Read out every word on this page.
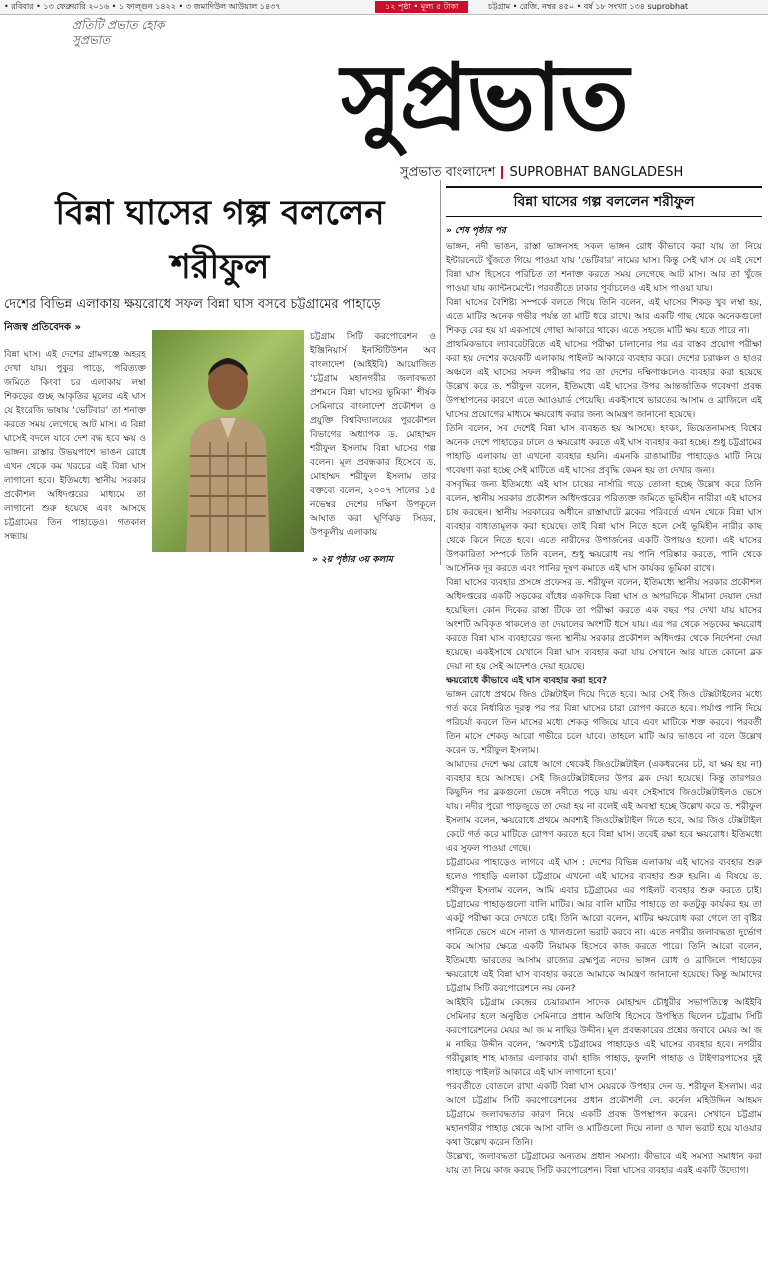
• রবিবার • ১৩ ফেব্রুয়ারি ২০১৬ • ১ ফাল্গুন ১৪২২ • ৩ জমাদিউল আউয়াল ১৪৩৭	১২ পৃষ্ঠা • মূল্য ৫ টাকা	চট্টগ্রাম • রেজি. নম্বর ৪৫০ • বর্ষ ১৮ সংখ্যা ১৩৪ suprobhat
প্রতিটি প্রভাত হোক সুপ্রভাত
সুপ্রভাত
সুপ্রভাত বাংলাদেশ SUPROBHAT BANGLADESH
বিন্না ঘাসের গল্প বললেন শরীফুল
দেশের বিভিন্ন এলাকায় ক্ষয়রোধে সফল বিন্না ঘাস বসবে চট্টগ্রামের পাহাড়ে
নিজস্ব প্রতিবেদক »
বিন্না ঘাস। এই দেশের গ্রামগঞ্জে অহরহ দেখা যায়। পুকুর পাড়ে, পরিত্যক্ত জমিতে কিংবা চর এলাকায় লম্বা শিকড়ের গুচ্ছ আকৃতির মূলের এই ঘাস যে ইংরেজি ভাষায় ‘ভেটিবার’ তা শনাক্ত করতে সময় লেগেছে আট মাস। এ বিন্না ঘাসেই বদলে যাবে দেশ বদ্ধ হবে ক্ষয় ও ভাঙ্গন। রাস্তার উভয়পাশে ভাঙন রোধে এখন থেকে কম খরচের এই বিন্না ঘাস লাগানো হবে। ইতিমধ্যে স্থানীয় সরকার প্রকৌশল অধিদপ্তরের মাধ্যমে তা লাগানো শুরু হয়েছে এবং আসছে চট্টগ্রামের তিন পাহাড়েও। গতকাল সন্ধ্যায়
চট্টগ্রাম সিটি করপোরেশন ও ইঞ্জিনিয়ার্স ইনস্টিটিউশন অব বাংলাদেশ (আইইবি) আয়োজিত ‘চট্টগ্রাম মহানগরীর জলাবদ্ধতা প্রশমনে বিন্না ঘাসের ভূমিকা’ শীর্ষক সেমিনারে বাংলাদেশ প্রকৌশল ও প্রযুক্তি বিশ্ববিদ্যালয়ের পুরকৌশল বিভাগের অধ্যাপক ড. মোহাম্মদ শরীফুল ইসলাম বিন্না ঘাসের গল্প বলেন। মূল প্রবন্ধকার হিসেবে ড. মোহাম্মদ শরীফুল ইসলাম তার বক্তব্যে বলেন, ২০০৭ সালের ১৫ নভেম্বর দেশের দক্ষিণ উপকূলে আঘাত করা ঘূর্ণিঝড় সিডর, উপকূলীয় এলাকায়
» ২য় পৃষ্ঠার ৩য় কলাম
বিন্না ঘাসের গল্প বললেন শরীফুল
» শেষ পৃষ্ঠার পর

ভাঙ্গন, নদী ভাঙন, রাস্তা ভাঙ্গনসহ সকল ভাঙ্গন রোধ কীভাবে করা যায় তা নিয়ে ইন্টারনেটে খুঁজতে গিয়ে পাওয়া যায় ‘ভেটিবার’ নামের ঘাস। কিন্তু সেই ঘাস যে এই দেশে বিন্না ঘাস হিসেবে পরিচিত তা শনাক্ত করতে সময় লেগেছে আট মাস। আর তা খুঁজে পাওয়া যায় ক্যান্টনমেন্টে। পরবর্তীতে ঢাকার পূর্বাচলেও এই ঘাস পাওয়া যায়।

বিন্না ঘাসের বৈশিষ্ট্য সম্পর্কে বলতে গিয়ে তিনি বলেন, এই ঘাসের শিকড় খুব লম্বা হয়, এতে মাটির অনেক গভীর পর্যন্ত তা মাটি ধরে রাখে। আর একটি গাছ থেকে অনেকগুলো শিকড় বের হয় যা একসাথে গোছা আকারে থাকে। এতে সহজে মাটি ক্ষয় হতে পারে না।

প্রাথমিকভাবে ল্যাবরেটরিতে এই ঘাসের পরীক্ষা চালানোর পর এর বাস্তব প্রয়োগ পরীক্ষা করা হয় দেশের কয়েকটি এলাকায় পাইলট আকারে ব্যবহার করে। দেশের চরাঞ্চল ও হাওর অঞ্চলে এই ঘাসের সফল পরীক্ষার পর তা দেশের দক্ষিণাঞ্চলেও ব্যবহার করা হয়েছে উল্লেখ করে ড. শরীফুল বলেন, ইতিমধ্যে এই ঘাসের উপর আন্তর্জাতিক গবেষণা প্রবন্ধ উপস্থাপনের কারণে এতে অ্যাওয়ার্ড পেয়েছি। একইসাথে ভারতের আসাম ও ব্রাজিলে এই ঘাসের প্রয়োগের মাধ্যমে ক্ষয়রোধ করার জন্য আমন্ত্রণ জানানো হয়েছে।

তিনি বলেন, সব দেশেই বিন্না ঘাস ব্যবহৃত হয় আসছে। হংকং, ভিয়েতনামসহ বিশ্বের অনেক দেশে পাহাড়ের ঢালে ও ক্ষয়রোধ করতে এই ঘাস ব্যবহার করা হচ্ছে। শুধু চট্টগ্রামের পাহাড়ি এলাকায় তা এখনো ব্যবহার হয়নি। এমনকি রাঙামাটির পাহাড়েও মাটি নিয়ে গবেষণা করা হচ্ছে সেই মাটিতে এই ঘাসের প্রবৃদ্ধি কেমন হয় তা দেখার জন্য।

বসবৃদ্ধির জন্য ইতিমধ্যে এই ঘাস চাষের নার্সারি গড়ে তোলা হচ্ছে উল্লেখ করে তিনি বলেন, স্থানীয় সরকার প্রকৌশল অধিদপ্তরের পরিত্যক্ত জমিতে ভূমিহীন নারীরা এই ঘাসের চাষ করছেন। স্থানীয় সরকারের অধীনে রাস্তাঘাটে ব্লকের পরিবর্তে এখন থেকে বিন্না ঘাস ব্যবহার বাধ্যতামূলক করা হয়েছে। তাই বিন্না ঘাস নিতে হলে সেই ভূমিহীন নারীর কাছ থেকে কিনে নিতে হবে। এতে নারীদের উপার্জনের একটি উপায়ও হলো। এই ঘাসের উপকারিতা সম্পর্কে তিনি বলেন, শুধু ক্ষয়রোধ নয় পানি পরিষ্কার করতে, পানি থেকে আর্সেনিক দূর করতে এবং পানির দূষণ কমাতে এই ঘাস কার্যকর ভূমিকা রাখে।

বিন্না ঘাসের ব্যবহার প্রসঙ্গে প্রফেসর ড. শরীফুল বলেন, ইতিমধ্যে স্থানীয় সরকার প্রকৌশল অধিদপ্তরের একটি সড়কের বাঁধের একদিকে বিন্না ঘাস ও অপরদিকে সীমানা দেয়াল দেয়া হয়েছিল। কোন দিকের রাস্তা টিকে তা পরীক্ষা করতে এক বছর পর দেখা যায় ঘাসের অংশটি অবিকৃত থাকলেও তা দেয়ালের অংশটি ধসে যায়। এর পর থেকে সড়কের ক্ষয়রোধ করতে বিন্না ঘাস ব্যবহারের জন্য স্থানীয় সরকার প্রকৌশল অধিদপ্তর থেকে নির্দেশনা দেয়া হয়েছে। একইসাথে যেখানে বিন্না ঘাস ব্যবহার করা যায় সেখানে আর যাতে কোনো ব্লক দেয়া না হয় সেই আদেশও দেয়া হয়েছে।

ক্ষয়রোধে কীভাবে এই ঘাস ব্যবহার করা হবে?

ভাঙ্গন রোধে প্রথমে জিও টেক্সটাইল দিয়ে দিতে হবে। আর সেই জিও টেক্সটাইলের মধ্যে গর্ত করে নির্ধারিত দূরত্ব পর পর বিন্না ঘাসের চারা রোপণ করতে হবে। পর্যাপ্ত পানি দিয়ে পরিচর্যা করলে তিন মাসের মধ্যে শেকড় গজিয়ে যাবে এবং মাটিকে শক্ত করবে। পরবর্তী তিন মাসে শেকড় আরো গভীরে চলে যাবে। তাহলে মাটি আর ভাঙবে না বলে উল্লেখ করেন ড. শরীফুল ইসলাম।

আমাদের দেশে ক্ষয় রোধে আগে থেকেই জিওটেক্সটাইল (একধরনের চট, যা ক্ষয় হয় না) ব্যবহার হয়ে আসছে। সেই জিওটেক্সটাইলের উপর ব্লক দেয়া হয়েছে। কিন্তু তারপরও কিছুদিন পর ব্লকগুলো ভেঙ্গে নদীতে পড়ে যায় এবং সেইসাথে জিওটেক্সটাইলও ভেসে যায়। নদীর পুরো পাড়জুড়ে তা দেয়া হয় না বলেই এই অবস্থা হচ্ছে উল্লেখ করে ড. শরীফুল ইসলাম বলেন, ক্ষয়রোধে প্রথমে অবশ্যই জিওটেক্সটাইল দিতে হবে, আর জিও টেক্সটাইল কেটে গর্ত করে মাটিতে রোপণ করতে হবে বিন্না ঘাস। তবেই রক্ষা হবে ক্ষয়রোধ। ইতিমধ্যে এর সুফল পাওয়া গেছে।

চট্টগ্রামের পাহাড়েও লাগবে এই ঘাস : দেশের বিভিন্ন এলাকায় এই ঘাসের ব্যবহার শুরু হলেও পাহাড়ি এলাকা চট্টগ্রামে এখনো এই ঘাসের ব্যবহার শুরু হয়নি। এ বিষয়ে ড. শরীফুল ইসলাম বলেন, আমি এবার চট্টগ্রামের এর পাইলট ব্যবহার শুরু করতে চাই। চট্টগ্রামের পাহাড়গুলো বালি মাটির। আর বালি মাটির পাহাড়ে তা কতটুকু কার্যকর হয় তা একটু পরীক্ষা করে দেখতে চাই। তিনি আরো বলেন, মাটির ক্ষয়রোধ করা গেলে তা বৃষ্টির পানিতে ভেসে এসে নালা ও খালগুলো ভরাট করবে না। এতে নগরীর জলাবদ্ধতা দুর্ভোগ কমে আসার ক্ষেত্রে একটি নিয়ামক হিসেবে কাজ করতে পারে। তিনি আরো বলেন, ইতিমধ্যে ভারতের আসাম রাজ্যের ব্রহ্মপুত্র নদের ভাঙ্গন রোধ ও ব্রাজিলে পাহাড়ের ক্ষয়রোধে এই বিন্না ঘাস ব্যবহার করতে আমাকে আমন্ত্রণ জানানো হয়েছে। কিন্তু আমাদের চট্টগ্রাম সিটি করপোরেশনে নয় কেন?

আইইবি চট্টগ্রাম কেন্দ্রের চেয়ারম্যান সাদেক মোহাম্মদ চৌধুরীর সভাপতিত্বে আইইবি সেমিনার হলে অনুষ্ঠিত সেমিনারে প্রধান অতিথি হিসেবে উপস্থিত ছিলেন চট্টগ্রাম সিটি করপোরেশনের মেয়র আ জ ম নাছির উদ্দীন। মূল প্রবন্ধকারের প্রশ্নের জবাবে মেয়র আ জ ম নাছির উদ্দীন বলেন, ‘অবশ্যই চট্টগ্রামের পাহাড়েও এই ঘাসের ব্যবহার হবে। নগরীর গরীবুল্লাহ শাহ মাজার এলাকার বার্মা হাজি পাহাড়, ফুলশি পাহাড় ও টাইগারপাসের দুই পাহাড়ে পাইলট আকারে এই ঘাস লাগানো হবে।’

পরবর্তীতে বোতলে রাখা একটি বিন্না ঘাস মেয়রকে উপহার দেন ড. শরীফুল ইসলাম। এর আগে চট্টগ্রাম সিটি করপোরেশনের প্রধান প্রকৌশলী লে. কর্নেল মহিউদ্দিন আহমদ চট্টগ্রামে জলাবদ্ধতার কারণ নিয়ে একটি প্রবন্ধ উপস্থাপন করেন। সেখানে চট্টগ্রাম মহানগরীর পাহাড় থেকে আসা বালি ও মাটিগুলো দিয়ে নালা ও খাল ভরাট হয়ে যাওয়ার কথা উল্লেখ করেন তিনি।

উল্লেখ্য, জলাবদ্ধতা চট্টগ্রামের অন্যতম প্রধান সমস্যা। কীভাবে এই সমস্যা সমাধান করা যায় তা নিয়ে কাজ করছে সিটি করপোরেশন। বিন্না ঘাসের ব্যবহার এরই একটি উদ্যোগ।
